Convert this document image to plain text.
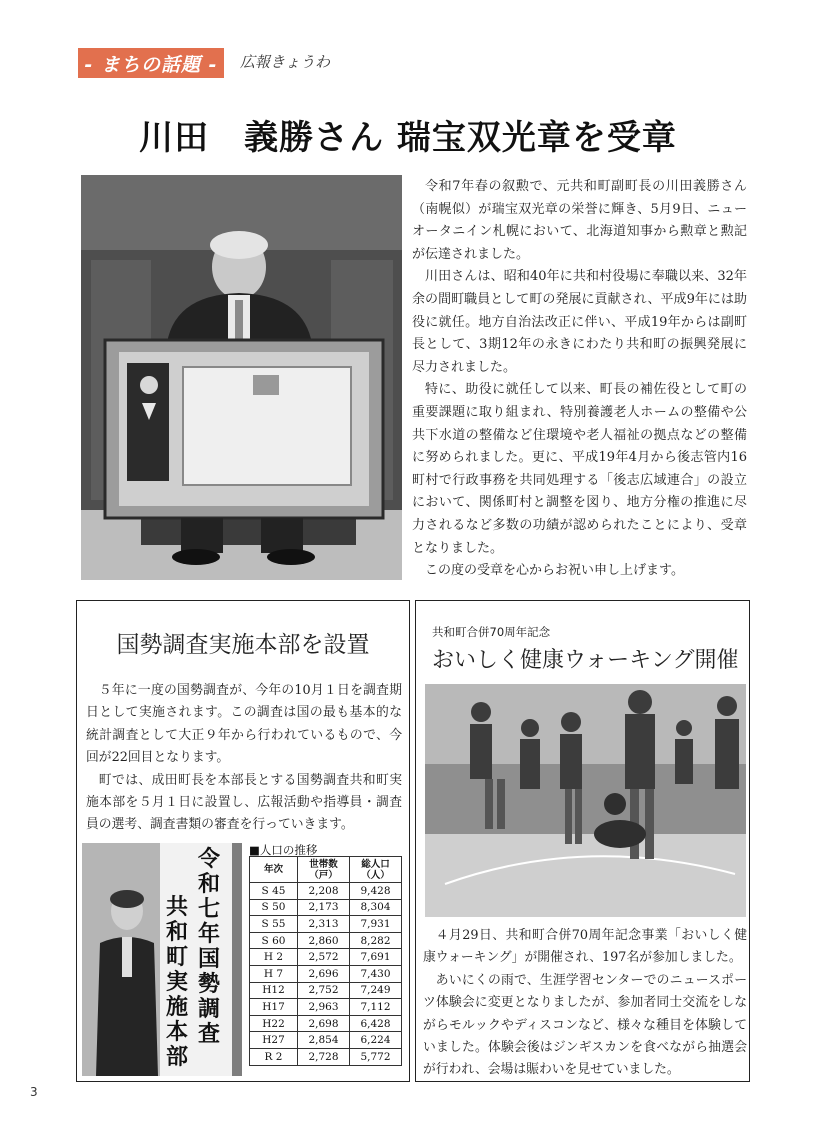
- まちの話題 -	広報きょうわ
川田　義勝さん 瑞宝双光章を受章

令和7年春の叙勲で、元共和町副町長の川田義勝さん（南幌似）が瑞宝双光章の栄誉に輝き、5月9日、ニューオータニイン札幌において、北海道知事から勲章と勲記が伝達されました。

川田さんは、昭和40年に共和村役場に奉職以来、32年余の間町職員として町の発展に貢献され、平成9年には助役に就任。地方自治法改正に伴い、平成19年からは副町長として、3期12年の永きにわたり共和町の振興発展に尽力されました。

特に、助役に就任して以来、町長の補佐役として町の重要課題に取り組まれ、特別養護老人ホームの整備や公共下水道の整備など住環境や老人福祉の拠点などの整備に努められました。更に、平成19年4月から後志管内16町村で行政事務を共同処理する「後志広域連合」の設立において、関係町村と調整を図り、地方分権の推進に尽力されるなど多数の功績が認められたことにより、受章となりました。

この度の受章を心からお祝い申し上げます。

国勢調査実施本部を設置

５年に一度の国勢調査が、今年の10月１日を調査期日として実施されます。この調査は国の最も基本的な統計調査として大正９年から行われているもので、今回が22回目となります。

町では、成田町長を本部長とする国勢調査共和町実施本部を５月１日に設置し、広報活動や指導員・調査員の選考、調査書類の審査を行っていきます。

令和七年国勢調査
共和町実施本部
■人口の推移
年次	世帯数（戸）	総人口（人）
S 45	2,208	9,428
S 50	2,173	8,304
S 55	2,313	7,931
S 60	2,860	8,282
H 2	2,572	7,691
H 7	2,696	7,430
H12	2,752	7,249
H17	2,963	7,112
H22	2,698	6,428
H27	2,854	6,224
R 2	2,728	5,772
共和町合併70周年記念
おいしく健康ウォーキング開催

４月29日、共和町合併70周年記念事業「おいしく健康ウォーキング」が開催され、197名が参加しました。

あいにくの雨で、生涯学習センターでのニュースポーツ体験会に変更となりましたが、参加者同士交流をしながらモルックやディスコンなど、様々な種目を体験していました。体験会後はジンギスカンを食べながら抽選会が行われ、会場は賑わいを見せていました。

3
